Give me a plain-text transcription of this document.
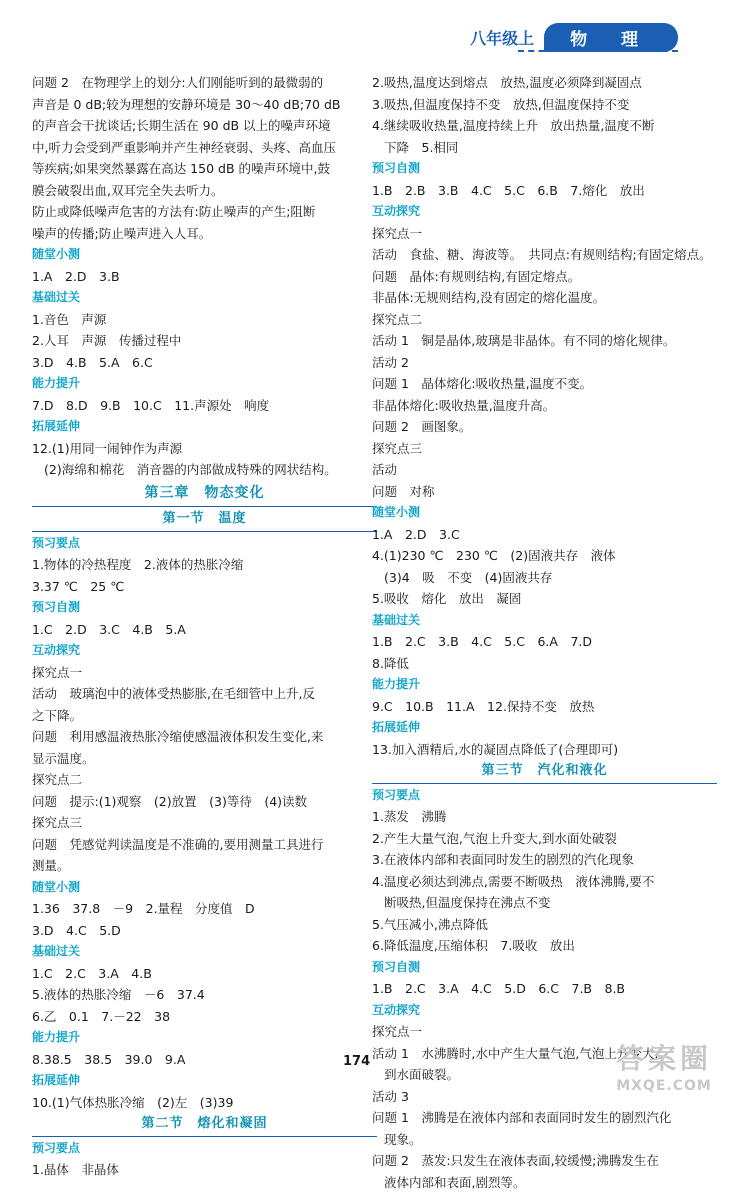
八年级上	物 理
问题 2　在物理学上的划分:人们刚能听到的最微弱的
声音是 0 dB;较为理想的安静环境是 30～40 dB;70 dB
的声音会干扰谈话;长期生活在 90 dB 以上的噪声环境
中,听力会受到严重影响并产生神经衰弱、头疼、高血压
等疾病;如果突然暴露在高达 150 dB 的噪声环境中,鼓
膜会破裂出血,双耳完全失去听力。
防止或降低噪声危害的方法有:防止噪声的产生;阻断
噪声的传播;防止噪声进入人耳。
随堂小测
1.A　2.D　3.B
基础过关
1.音色　声源
2.人耳　声源　传播过程中
3.D　4.B　5.A　6.C
能力提升
7.D　8.D　9.B　10.C　11.声源处　响度
拓展延伸
12.(1)用同一闹钟作为声源
(2)海绵和棉花　消音器的内部做成特殊的网状结构。
第三章　物态变化
第一节　温度
预习要点
1.物体的冷热程度　2.液体的热胀冷缩
3.37 ℃　25 ℃
预习自测
1.C　2.D　3.C　4.B　5.A
互动探究
探究点一
活动　玻璃泡中的液体受热膨胀,在毛细管中上升,反
之下降。
问题　利用感温液热胀冷缩使感温液体积发生变化,来
显示温度。
探究点二
问题　提示:(1)观察　(2)放置　(3)等待　(4)读数
探究点三
问题　凭感觉判读温度是不准确的,要用测量工具进行
测量。
随堂小测
1.36　37.8　－9　2.量程　分度值　D
3.D　4.C　5.D
基础过关
1.C　2.C　3.A　4.B
5.液体的热胀冷缩　－6　37.4
6.乙　0.1　7.－22　38
能力提升
8.38.5　38.5　39.0　9.A
拓展延伸
10.(1)气体热胀冷缩　(2)左　(3)39
第二节　熔化和凝固
预习要点
1.晶体　非晶体
2.吸热,温度达到熔点　放热,温度必须降到凝固点
3.吸热,但温度保持不变　放热,但温度保持不变
4.继续吸收热量,温度持续上升　放出热量,温度不断
下降　5.相同
预习自测
1.B　2.B　3.B　4.C　5.C　6.B　7.熔化　放出
互动探究
探究点一
活动　食盐、糖、海波等。　共同点:有规则结构;有固定熔点。
问题　晶体:有规则结构,有固定熔点。
非晶体:无规则结构,没有固定的熔化温度。
探究点二
活动 1　铜是晶体,玻璃是非晶体。有不同的熔化规律。
活动 2
问题 1　晶体熔化:吸收热量,温度不变。
非晶体熔化:吸收热量,温度升高。
问题 2　画图象。
探究点三
活动
问题　对称
随堂小测
1.A　2.D　3.C
4.(1)230 ℃　230 ℃　(2)固液共存　液体
(3)4　吸　不变　(4)固液共存
5.吸收　熔化　放出　凝固
基础过关
1.B　2.C　3.B　4.C　5.C　6.A　7.D
8.降低
能力提升
9.C　10.B　11.A　12.保持不变　放热
拓展延伸
13.加入酒精后,水的凝固点降低了(合理即可)
第三节　汽化和液化
预习要点
1.蒸发　沸腾
2.产生大量气泡,气泡上升变大,到水面处破裂
3.在液体内部和表面同时发生的剧烈的汽化现象
4.温度必须达到沸点,需要不断吸热　液体沸腾,要不
断吸热,但温度保持在沸点不变
5.气压减小,沸点降低
6.降低温度,压缩体积　7.吸收　放出
预习自测
1.B　2.C　3.A　4.C　5.D　6.C　7.B　8.B
互动探究
探究点一
活动 1　水沸腾时,水中产生大量气泡,气泡上升变大,
到水面破裂。
活动 3
问题 1　沸腾是在液体内部和表面同时发生的剧烈汽化
现象。
问题 2　蒸发:只发生在液体表面,较缓慢;沸腾发生在
液体内部和表面,剧烈等。
174	答案圈
MXQE.COM
